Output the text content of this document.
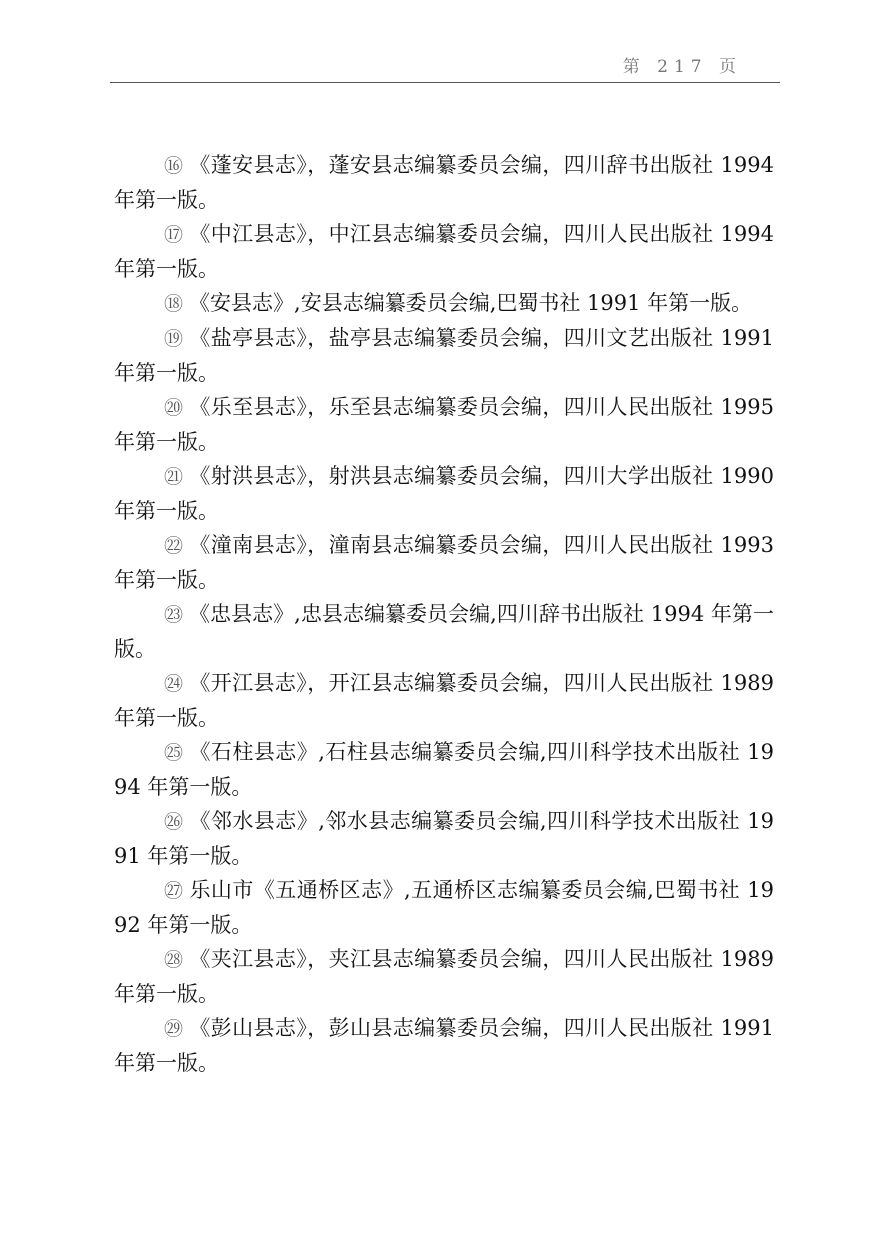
第 217 页

⑯ 《蓬安县志》，蓬安县志编纂委员会编，四川辞书出版社 1994 年第一版。

⑰ 《中江县志》，中江县志编纂委员会编，四川人民出版社 1994 年第一版。

⑱ 《安县志》,安县志编纂委员会编,巴蜀书社 1991 年第一版。

⑲ 《盐亭县志》，盐亭县志编纂委员会编，四川文艺出版社 1991 年第一版。

⑳ 《乐至县志》，乐至县志编纂委员会编，四川人民出版社 1995 年第一版。

㉑ 《射洪县志》，射洪县志编纂委员会编，四川大学出版社 1990 年第一版。

㉒ 《潼南县志》，潼南县志编纂委员会编，四川人民出版社 1993 年第一版。

㉓ 《忠县志》,忠县志编纂委员会编,四川辞书出版社 1994 年第一版。

㉔ 《开江县志》，开江县志编纂委员会编，四川人民出版社 1989 年第一版。

㉕ 《石柱县志》,石柱县志编纂委员会编,四川科学技术出版社 1994 年第一版。

㉖ 《邻水县志》,邻水县志编纂委员会编,四川科学技术出版社 1991 年第一版。

㉗ 乐山市《五通桥区志》,五通桥区志编纂委员会编,巴蜀书社 1992 年第一版。

㉘ 《夹江县志》，夹江县志编纂委员会编，四川人民出版社 1989 年第一版。

㉙ 《彭山县志》，彭山县志编纂委员会编，四川人民出版社 1991 年第一版。
